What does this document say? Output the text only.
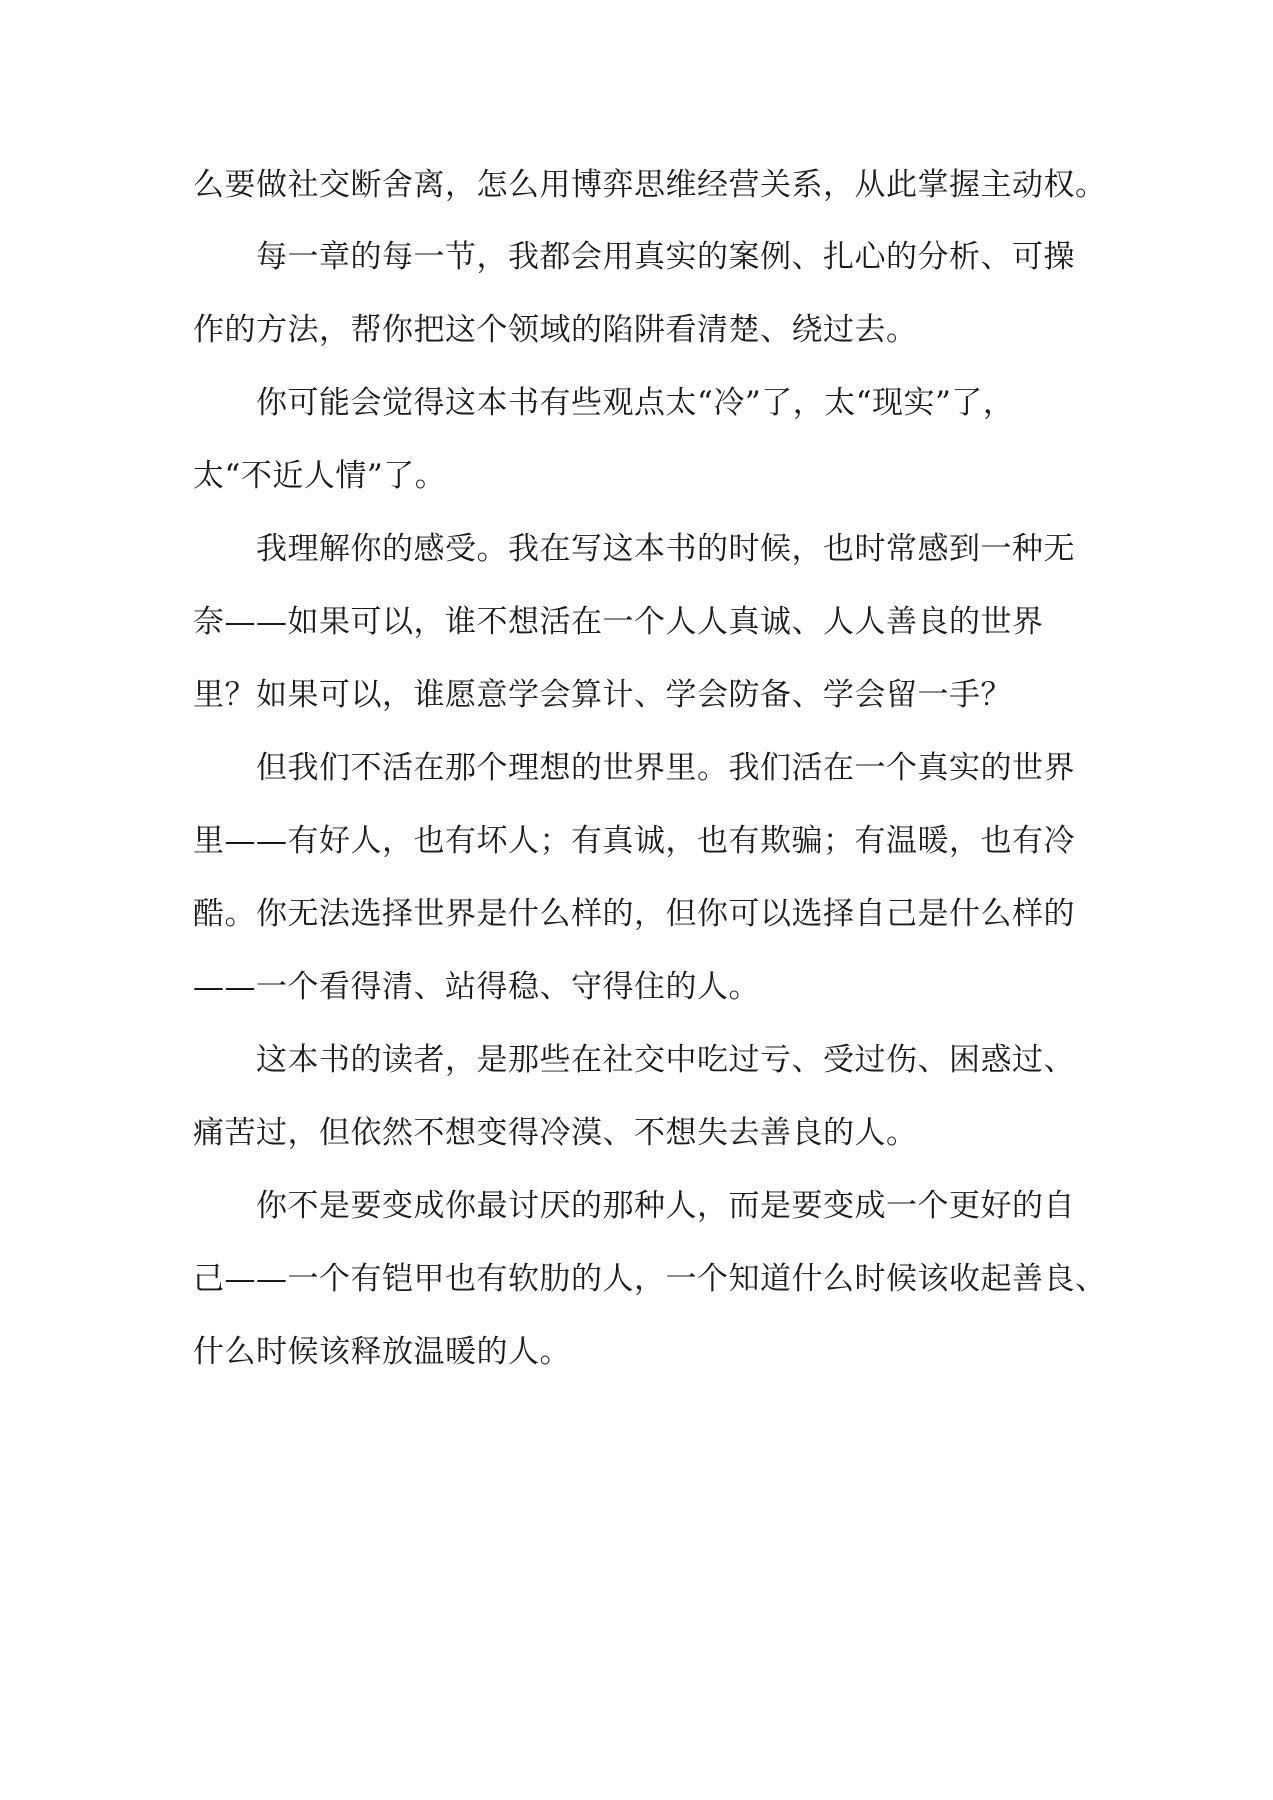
么要做社交断舍离，怎么用博弈思维经营关系，从此掌握主动权。
每一章的每一节，我都会用真实的案例、扎心的分析、可操
作的方法，帮你把这个领域的陷阱看清楚、绕过去。
你可能会觉得这本书有些观点太“冷”了，太“现实”了，
太“不近人情”了。
我理解你的感受。我在写这本书的时候，也时常感到一种无
奈——如果可以，谁不想活在一个人人真诚、人人善良的世界
里？如果可以，谁愿意学会算计、学会防备、学会留一手？
但我们不活在那个理想的世界里。我们活在一个真实的世界
里——有好人，也有坏人；有真诚，也有欺骗；有温暖，也有冷
酷。你无法选择世界是什么样的，但你可以选择自己是什么样的
——一个看得清、站得稳、守得住的人。
这本书的读者，是那些在社交中吃过亏、受过伤、困惑过、
痛苦过，但依然不想变得冷漠、不想失去善良的人。
你不是要变成你最讨厌的那种人，而是要变成一个更好的自
己——一个有铠甲也有软肋的人，一个知道什么时候该收起善良、
什么时候该释放温暖的人。
